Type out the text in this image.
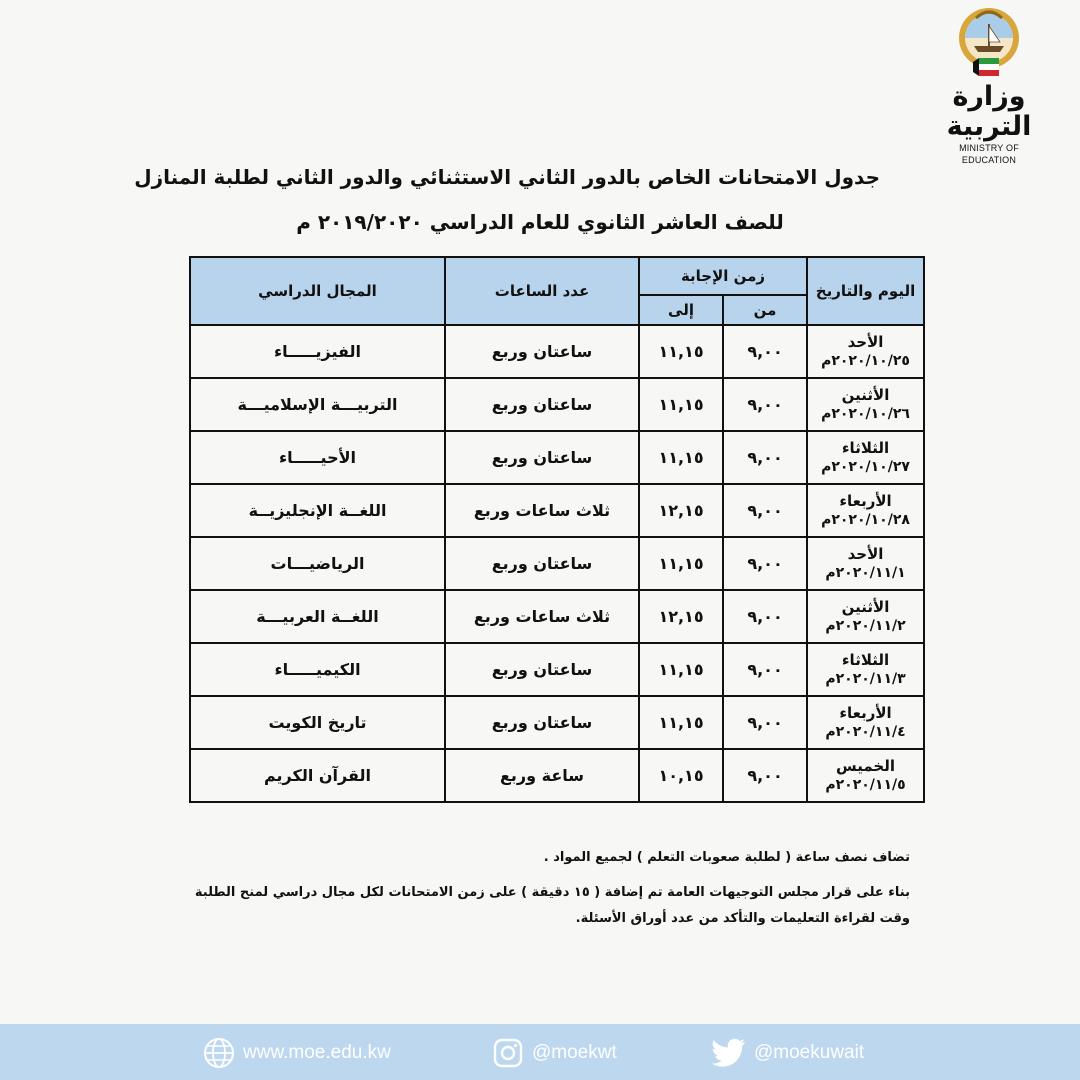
وزارة التربية
MINISTRY OF EDUCATION
جدول الامتحانات الخاص بالدور الثاني الاستثنائي والدور الثاني لطلبة المنازل
للصف العاشر الثانوي للعام الدراسي ٢٠١٩/٢٠٢٠ م
اليوم والتاريخ	زمن الإجابة		عدد الساعات	المجال الدراسي
	من	إلى		

الأحد
٢٠٢٠/١٠/٢٥م	٩,٠٠	١١,١٥	ساعتان وربع	الفيزيـــــاء

الأثنين
٢٠٢٠/١٠/٢٦م	٩,٠٠	١١,١٥	ساعتان وربع	التربيـــة الإسلاميـــة

الثلاثاء
٢٠٢٠/١٠/٢٧م	٩,٠٠	١١,١٥	ساعتان وربع	الأحيـــــاء

الأربعاء
٢٠٢٠/١٠/٢٨م	٩,٠٠	١٢,١٥	ثلاث ساعات وربع	اللغــة الإنجليزيــة

الأحد
٢٠٢٠/١١/١م	٩,٠٠	١١,١٥	ساعتان وربع	الرياضيـــات

الأثنين
٢٠٢٠/١١/٢م	٩,٠٠	١٢,١٥	ثلاث ساعات وربع	اللغــة العربيـــة

الثلاثاء
٢٠٢٠/١١/٣م	٩,٠٠	١١,١٥	ساعتان وربع	الكيميـــــاء

الأربعاء
٢٠٢٠/١١/٤م	٩,٠٠	١١,١٥	ساعتان وربع	تاريخ الكويت

الخميس
٢٠٢٠/١١/٥م	٩,٠٠	١٠,١٥	ساعة وربع	القرآن الكريم
تضاف نصف ساعة ( لطلبة صعوبات التعلم ) لجميع المواد .
بناء على قرار مجلس التوجيهات العامة تم إضافة ( ١٥ دقيقة ) على زمن الامتحانات لكل مجال دراسي لمنح الطلبة وقت لقراءة التعليمات والتأكد من عدد أوراق الأسئلة.
www.moe.edu.kw	@moekwt	@moekuwait
